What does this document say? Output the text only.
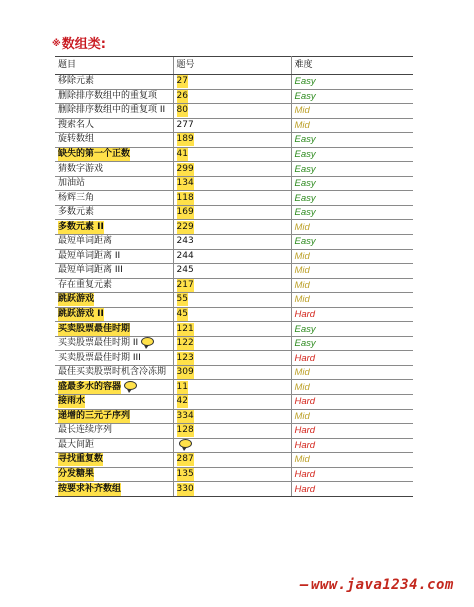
※数组类:
题目	题号	难度
移除元素	27	Easy
删除排序数组中的重复项	26	Easy
删除排序数组中的重复项 II	80	Mid
搜索名人	277	Mid
旋转数组	189	Easy
缺失的第一个正数	41	Easy
猜数字游戏	299	Easy
加油站	134	Easy
杨辉三角	118	Easy
多数元素	169	Easy
多数元素 II	229	Mid
最短单词距离	243	Easy
最短单词距离 II	244	Mid
最短单词距离 III	245	Mid
存在重复元素	217	Mid
跳跃游戏	55	Mid
跳跃游戏 II	45	Hard
买卖股票最佳时期	121	Easy
买卖股票最佳时期 II	122	Easy
买卖股票最佳时期 III	123	Hard
最佳买卖股票时机含冷冻期	309	Mid
盛最多水的容器	11	Mid
接雨水	42	Hard
递增的三元子序列	334	Mid
最长连续序列	128	Hard
最大间距		Hard
寻找重复数	287	Mid
分发糖果	135	Hard
按要求补齐数组	330	Hard
— www.java1234.com
